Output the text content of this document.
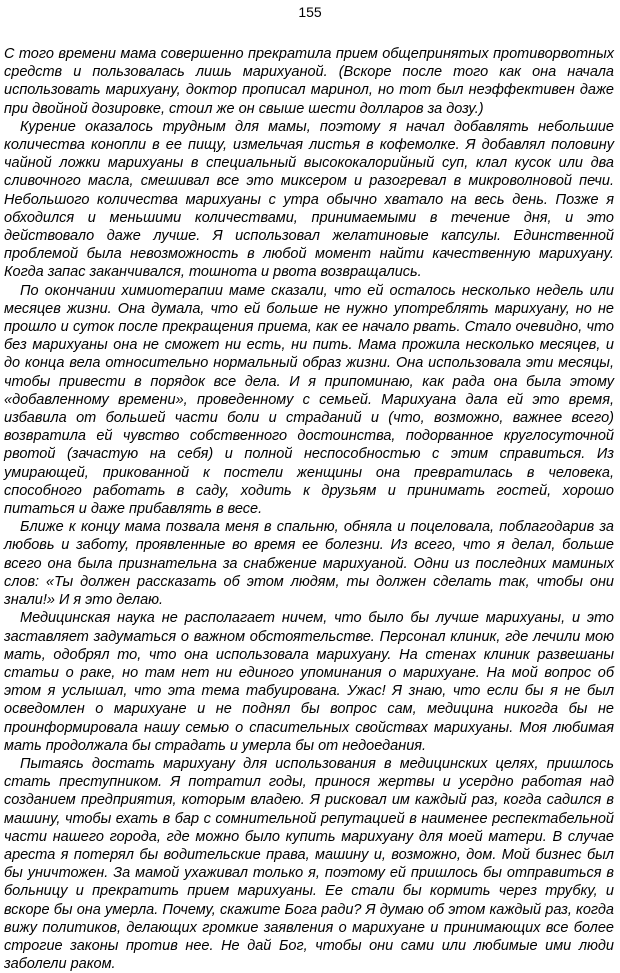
155

С того времени мама совершенно прекратила прием общепринятых противорвотных средств и пользовалась лишь марихуаной. (Вскоре после того как она начала использовать марихуану, доктор прописал маринол, но тот был неэффективен даже при двойной дозировке, стоил же он свыше шести долларов за дозу.)

Курение оказалось трудным для мамы, поэтому я начал добавлять небольшие количества конопли в ее пищу, измельчая листья в кофемолке. Я добавлял половину чайной ложки марихуаны в специальный высококалорийный суп, клал кусок или два сливочного масла, смешивал все это миксером и разогревал в микроволновой печи. Небольшого количества марихуаны с утра обычно хватало на весь день. Позже я обходился и меньшими количествами, принимаемыми в течение дня, и это действовало даже лучше. Я использовал желатиновые капсулы. Единственной проблемой была невозможность в любой момент найти качественную марихуану. Когда запас заканчивался, тошнота и рвота возвращались.

По окончании химиотерапии маме сказали, что ей осталось несколько недель или месяцев жизни. Она думала, что ей больше не нужно употреблять марихуану, но не прошло и суток после прекращения приема, как ее начало рвать. Стало очевидно, что без марихуаны она не сможет ни есть, ни пить. Мама прожила несколько месяцев, и до конца вела относительно нормальный образ жизни. Она использовала эти месяцы, чтобы привести в порядок все дела. И я припоминаю, как рада она была этому «добавленному времени», проведенному с семьей. Марихуана дала ей это время, избавила от большей части боли и страданий и (что, возможно, важнее всего) возвратила ей чувство собственного достоинства, подорванное круглосуточной рвотой (зачастую на себя) и полной неспособностью с этим справиться. Из умирающей, прикованной к постели женщины она превратилась в человека, способного работать в саду, ходить к друзьям и принимать гостей, хорошо питаться и даже прибавлять в весе.

Ближе к концу мама позвала меня в спальню, обняла и поцеловала, поблагодарив за любовь и заботу, проявленные во время ее болезни. Из всего, что я делал, больше всего она была признательна за снабжение марихуаной. Одни из последних маминых слов: «Ты должен рассказать об этом людям, ты должен сделать так, чтобы они знали!» И я это делаю.

Медицинская наука не располагает ничем, что было бы лучше марихуаны, и это заставляет задуматься о важном обстоятельстве. Персонал клиник, где лечили мою мать, одобрял то, что она использовала марихуану. На стенах клиник развешаны статьи о раке, но там нет ни единого упоминания о марихуане. На мой вопрос об этом я услышал, что эта тема табуирована. Ужас! Я знаю, что если бы я не был осведомлен о марихуане и не поднял бы вопрос сам, медицина никогда бы не проинформировала нашу семью о спасительных свойствах марихуаны. Моя любимая мать продолжала бы страдать и умерла бы от недоедания.

Пытаясь достать марихуану для использования в медицинских целях, пришлось стать преступником. Я потратил годы, принося жертвы и усердно работая над созданием предприятия, которым владею. Я рисковал им каждый раз, когда садился в машину, чтобы ехать в бар с сомнительной репутацией в наименее респектабельной части нашего города, где можно было купить марихуану для моей матери. В случае ареста я потерял бы водительские права, машину и, возможно, дом. Мой бизнес был бы уничтожен. За мамой ухаживал только я, поэтому ей пришлось бы отправиться в больницу и прекратить прием марихуаны. Ее стали бы кормить через трубку, и вскоре бы она умерла. Почему, скажите Бога ради? Я думаю об этом каждый раз, когда вижу политиков, делающих громкие заявления о марихуане и принимающих все более строгие законы против нее. Не дай Бог, чтобы они сами или любимые ими люди заболели раком.
